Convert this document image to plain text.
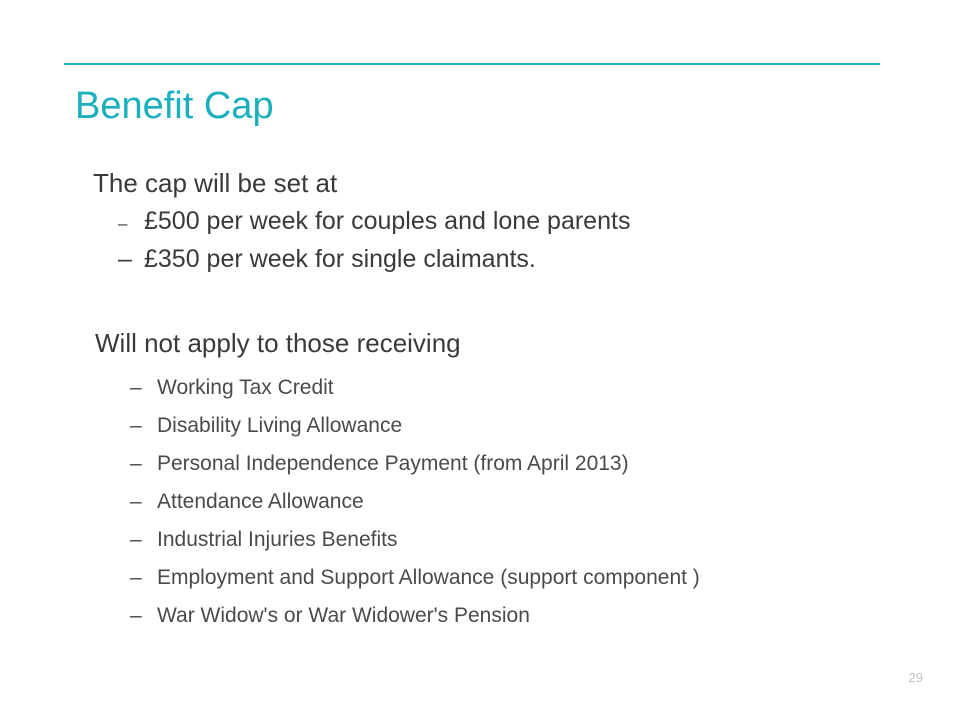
Benefit Cap
The cap will be set at
– £500 per week for couples and lone parents
– £350 per week for single claimants.
Will not apply to those receiving
– Working Tax Credit
– Disability Living Allowance
– Personal Independence Payment (from April 2013)
– Attendance Allowance
– Industrial Injuries Benefits
– Employment and Support Allowance (support component )
– War Widow's or War Widower's Pension
29
